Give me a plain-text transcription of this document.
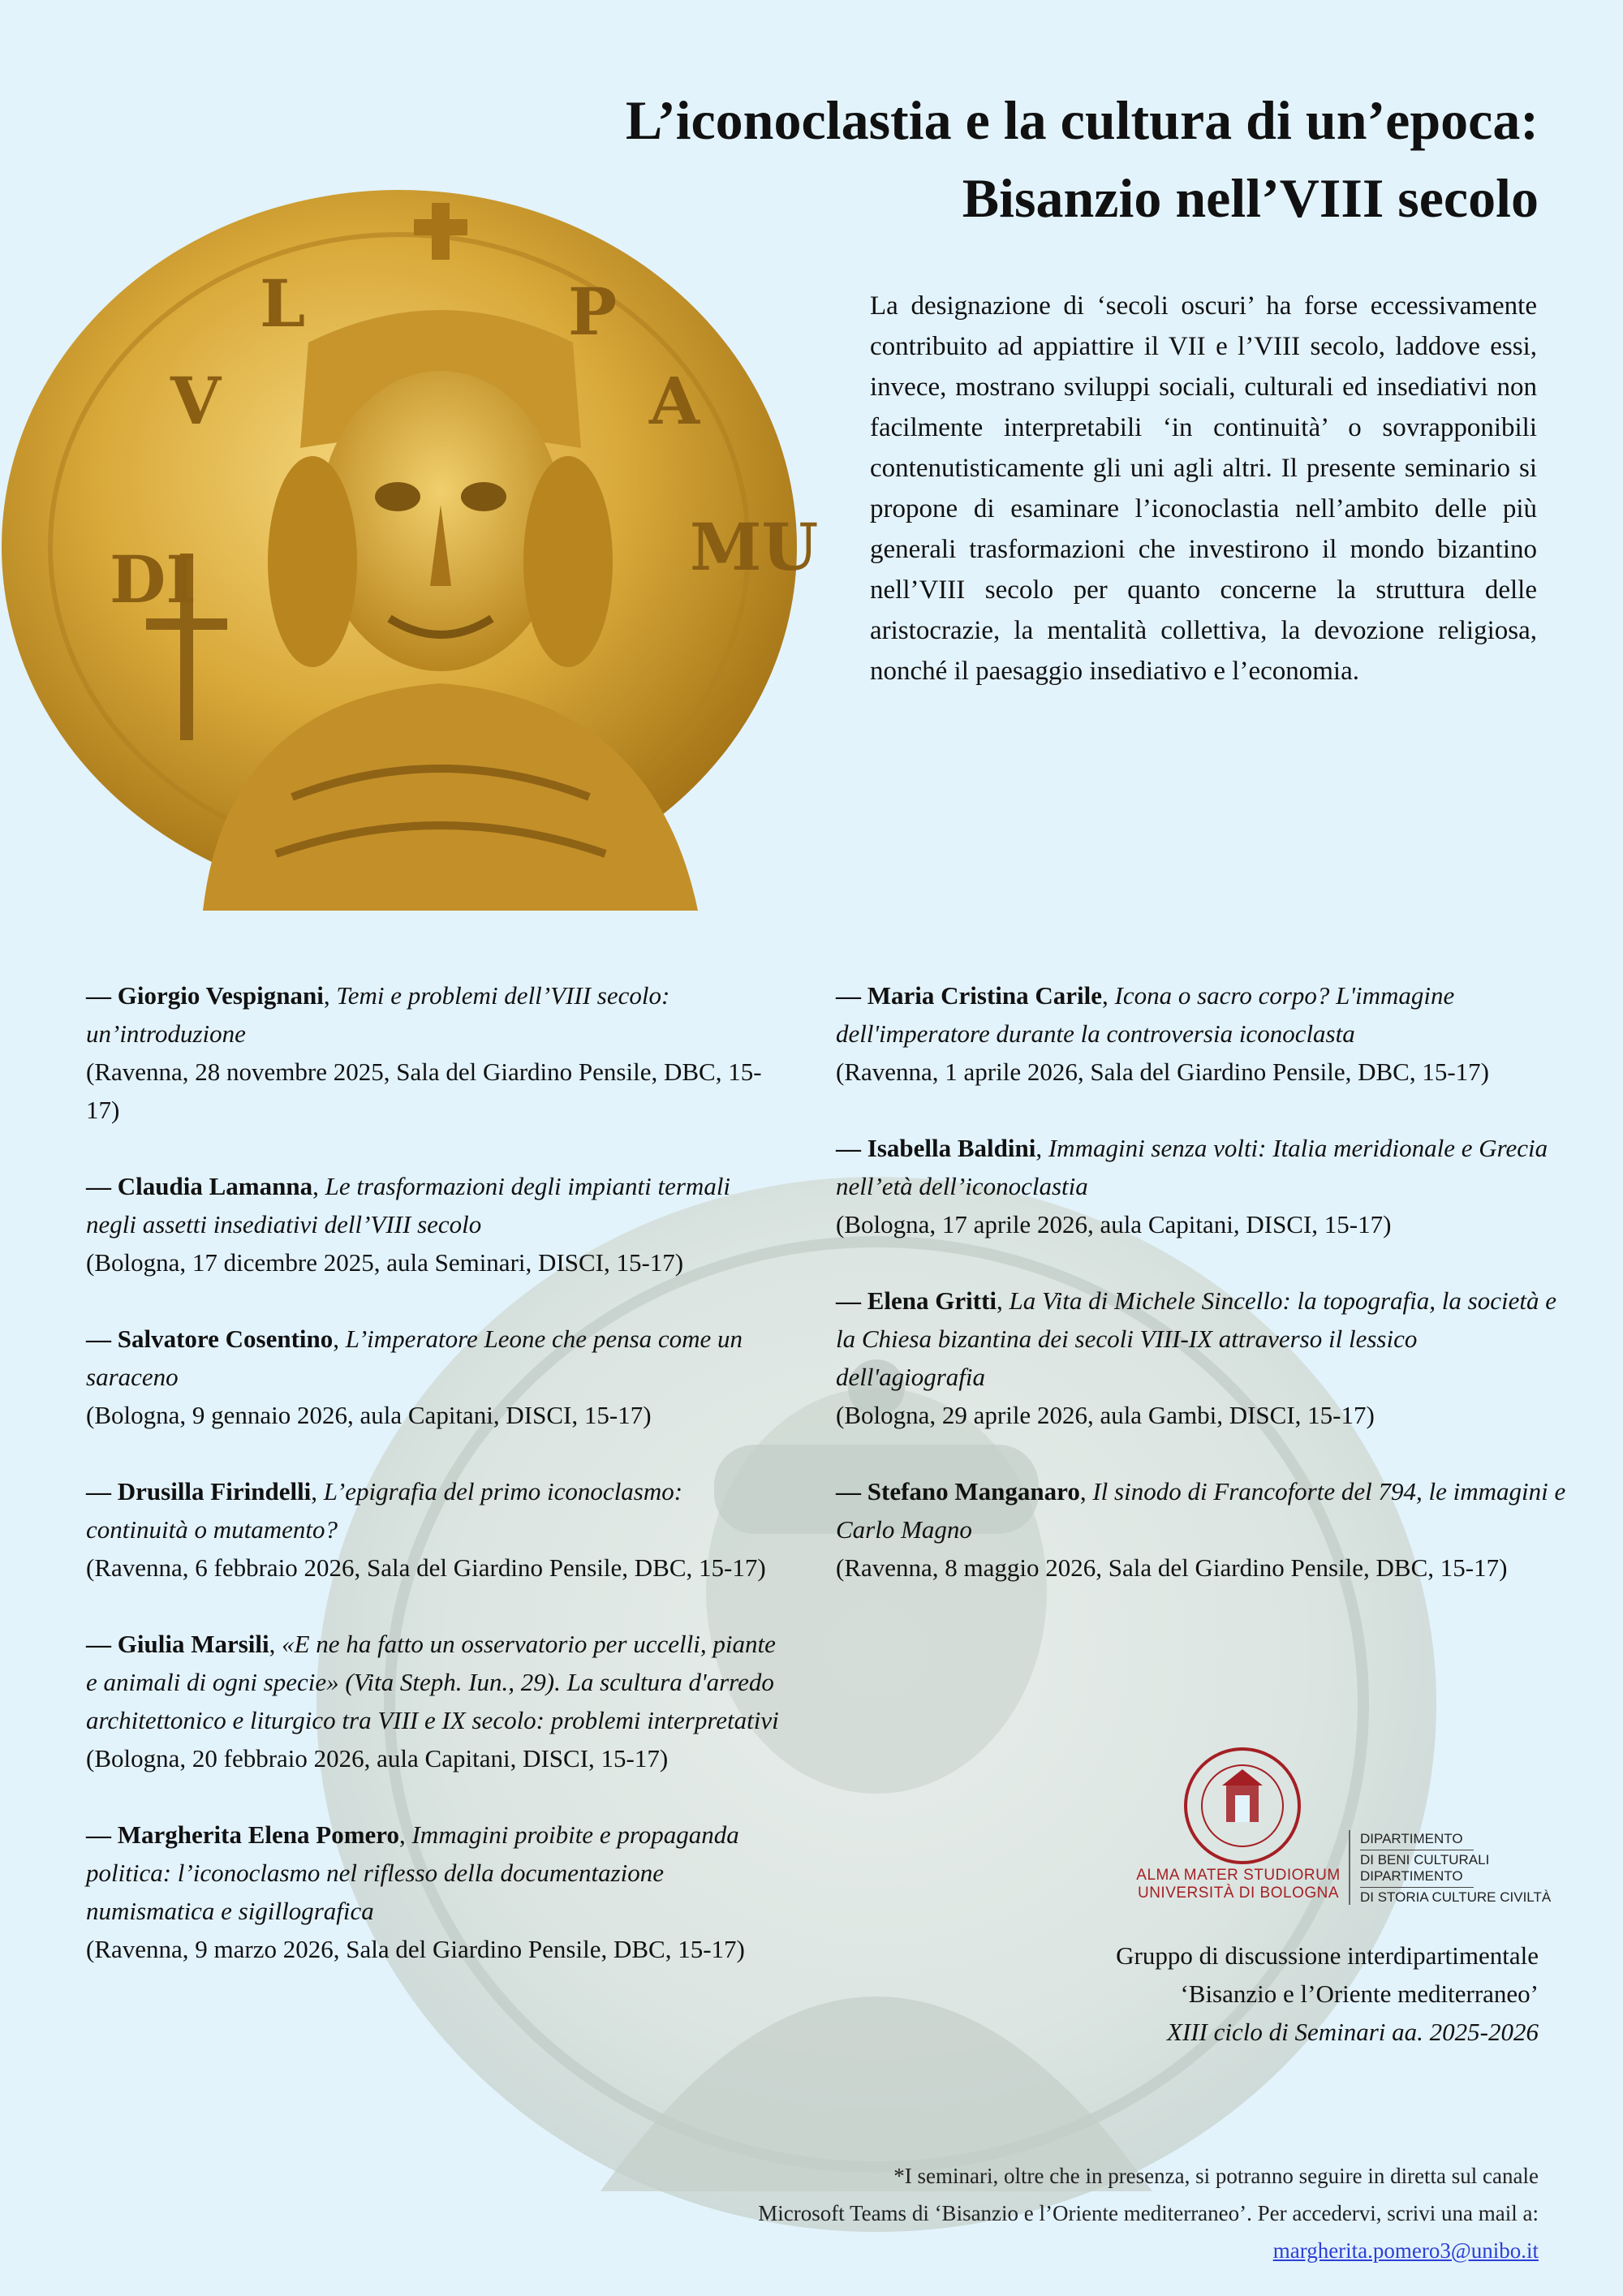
DI
V
L	P
A
MU
L’iconoclastia e la cultura di un’epoca:
Bisanzio nell’VIII secolo

La designazione di ‘secoli oscuri’ ha forse eccessivamente contribuito ad appiattire il VII e l’VIII secolo, laddove essi, invece, mostrano sviluppi sociali, culturali ed insediativi non facilmente interpretabili ‘in continuità’ o sovrapponibili contenutisticamente gli uni agli altri. Il presente seminario si propone di esaminare l’iconoclastia nell’ambito delle più generali trasformazioni che investirono il mondo bizantino nell’VIII secolo per quanto concerne la struttura delle aristocrazie, la mentalità collettiva, la devozione religiosa, nonché il paesaggio insediativo e l’economia.

— Giorgio Vespignani, Temi e problemi dell’VIII secolo: un’introduzione
(Ravenna, 28 novembre 2025, Sala del Giardino Pensile, DBC, 15-17)
— Claudia Lamanna, Le trasformazioni degli impianti termali negli assetti insediativi dell’VIII secolo
(Bologna, 17 dicembre 2025, aula Seminari, DISCI, 15-17)
— Salvatore Cosentino, L’imperatore Leone che pensa come un saraceno
(Bologna, 9 gennaio 2026, aula Capitani, DISCI, 15-17)
— Drusilla Firindelli, L’epigrafia del primo iconoclasmo: continuità o mutamento?
(Ravenna, 6 febbraio 2026, Sala del Giardino Pensile, DBC, 15-17)
— Giulia Marsili, «E ne ha fatto un osservatorio per uccelli, piante e animali di ogni specie» (Vita Steph. Iun., 29). La scultura d'arredo architettonico e liturgico tra VIII e IX secolo: problemi interpretativi (Bologna, 20 febbraio 2026, aula Capitani, DISCI, 15-17)
— Margherita Elena Pomero, Immagini proibite e propaganda politica: l’iconoclasmo nel riflesso della documentazione numismatica e sigillografica
(Ravenna, 9 marzo 2026, Sala del Giardino Pensile, DBC, 15-17)
— Maria Cristina Carile, Icona o sacro corpo? L'immagine dell'imperatore durante la controversia iconoclasta
(Ravenna, 1 aprile 2026, Sala del Giardino Pensile, DBC, 15-17)
— Isabella Baldini, Immagini senza volti: Italia meridionale e Grecia nell’età dell’iconoclastia
(Bologna, 17 aprile 2026, aula Capitani, DISCI, 15-17)
— Elena Gritti, La Vita di Michele Sincello: la topografia, la società e la Chiesa bizantina dei secoli VIII-IX attraverso il lessico dell'agiografia
(Bologna, 29 aprile 2026, aula Gambi, DISCI, 15-17)
— Stefano Manganaro, Il sinodo di Francoforte del 794, le immagini e Carlo Magno
(Ravenna, 8 maggio 2026, Sala del Giardino Pensile, DBC, 15-17)
ALMA MATER STUDIORUM
UNIVERSITÀ DI BOLOGNA
DIPARTIMENTO
DI BENI CULTURALI
DIPARTIMENTO
DI STORIA CULTURE CIVILTÀ
Gruppo di discussione interdipartimentale
‘Bisanzio e l’Oriente mediterraneo’
XIII ciclo di Seminari aa. 2025-2026
*I seminari, oltre che in presenza, si potranno seguire in diretta sul canale
Microsoft Teams di ‘Bisanzio e l’Oriente mediterraneo’. Per accedervi, scrivi una mail a:
margherita.pomero3@unibo.it
